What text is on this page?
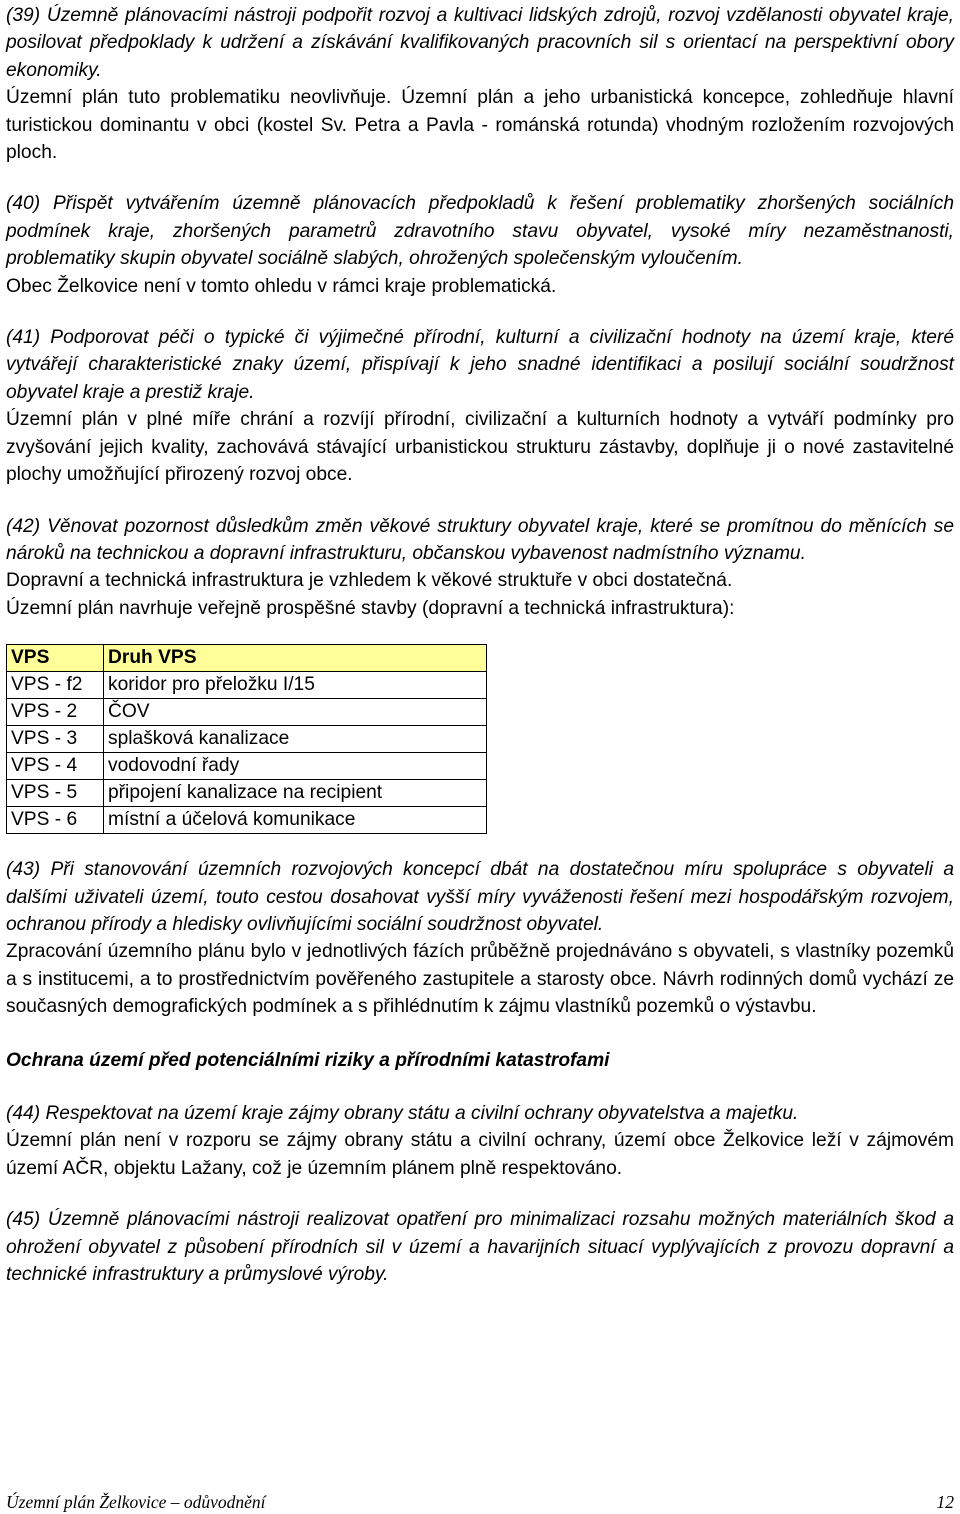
(39) Územně plánovacími nástroji podpořit rozvoj a kultivaci lidských zdrojů, rozvoj vzdělanosti obyvatel kraje, posilovat předpoklady k udržení a získávání kvalifikovaných pracovních sil s orientací na perspektivní obory ekonomiky.

Územní plán tuto problematiku neovlivňuje. Územní plán a jeho urbanistická koncepce, zohledňuje hlavní turistickou dominantu v obci (kostel Sv. Petra a Pavla - románská rotunda) vhodným rozložením rozvojových ploch.

(40) Přispět vytvářením územně plánovacích předpokladů k řešení problematiky zhoršených sociálních podmínek kraje, zhoršených parametrů zdravotního stavu obyvatel, vysoké míry nezaměstnanosti, problematiky skupin obyvatel sociálně slabých, ohrožených společenským vyloučením.

Obec Želkovice není v tomto ohledu v rámci kraje problematická.

(41) Podporovat péči o typické či výjimečné přírodní, kulturní a civilizační hodnoty na území kraje, které vytvářejí charakteristické znaky území, přispívají k jeho snadné identifikaci a posilují sociální soudržnost obyvatel kraje a prestiž kraje.

Územní plán v plné míře chrání a rozvíjí přírodní, civilizační a kulturních hodnoty a vytváří podmínky pro zvyšování jejich kvality, zachovává stávající urbanistickou strukturu zástavby, doplňuje ji o nové zastavitelné plochy umožňující přirozený rozvoj obce.

(42) Věnovat pozornost důsledkům změn věkové struktury obyvatel kraje, které se promítnou do měnících se nároků na technickou a dopravní infrastrukturu, občanskou vybavenost nadmístního významu.

Dopravní a technická infrastruktura je vzhledem k věkové struktuře v obci dostatečná.

Územní plán navrhuje veřejně prospěšné stavby (dopravní a technická infrastruktura):

VPS	Druh VPS
VPS - f2	koridor pro přeložku I/15
VPS - 2	ČOV
VPS - 3	splašková kanalizace
VPS - 4	vodovodní řady
VPS - 5	připojení kanalizace na recipient
VPS - 6	místní a účelová komunikace

(43) Při stanovování územních rozvojových koncepcí dbát na dostatečnou míru spolupráce s obyvateli a dalšími uživateli území, touto cestou dosahovat vyšší míry vyváženosti řešení mezi hospodářským rozvojem, ochranou přírody a hledisky ovlivňujícími sociální soudržnost obyvatel.

Zpracování územního plánu bylo v jednotlivých fázích průběžně projednáváno s obyvateli, s vlastníky pozemků a s institucemi, a to prostřednictvím pověřeného zastupitele a starosty obce. Návrh rodinných domů vychází ze současných demografických podmínek a s přihlédnutím k zájmu vlastníků pozemků o výstavbu.

Ochrana území před potenciálními riziky a přírodními katastrofami

(44) Respektovat na území kraje zájmy obrany státu a civilní ochrany obyvatelstva a majetku.

Územní plán není v rozporu se zájmy obrany státu a civilní ochrany, území obce Želkovice leží v zájmovém území AČR, objektu Lažany, což je územním plánem plně respektováno.

(45) Územně plánovacími nástroji realizovat opatření pro minimalizaci rozsahu možných materiálních škod a ohrožení obyvatel z působení přírodních sil v území a havarijních situací vyplývajících z provozu dopravní a technické infrastruktury a průmyslové výroby.

Územní plán Želkovice – odůvodnění	12
